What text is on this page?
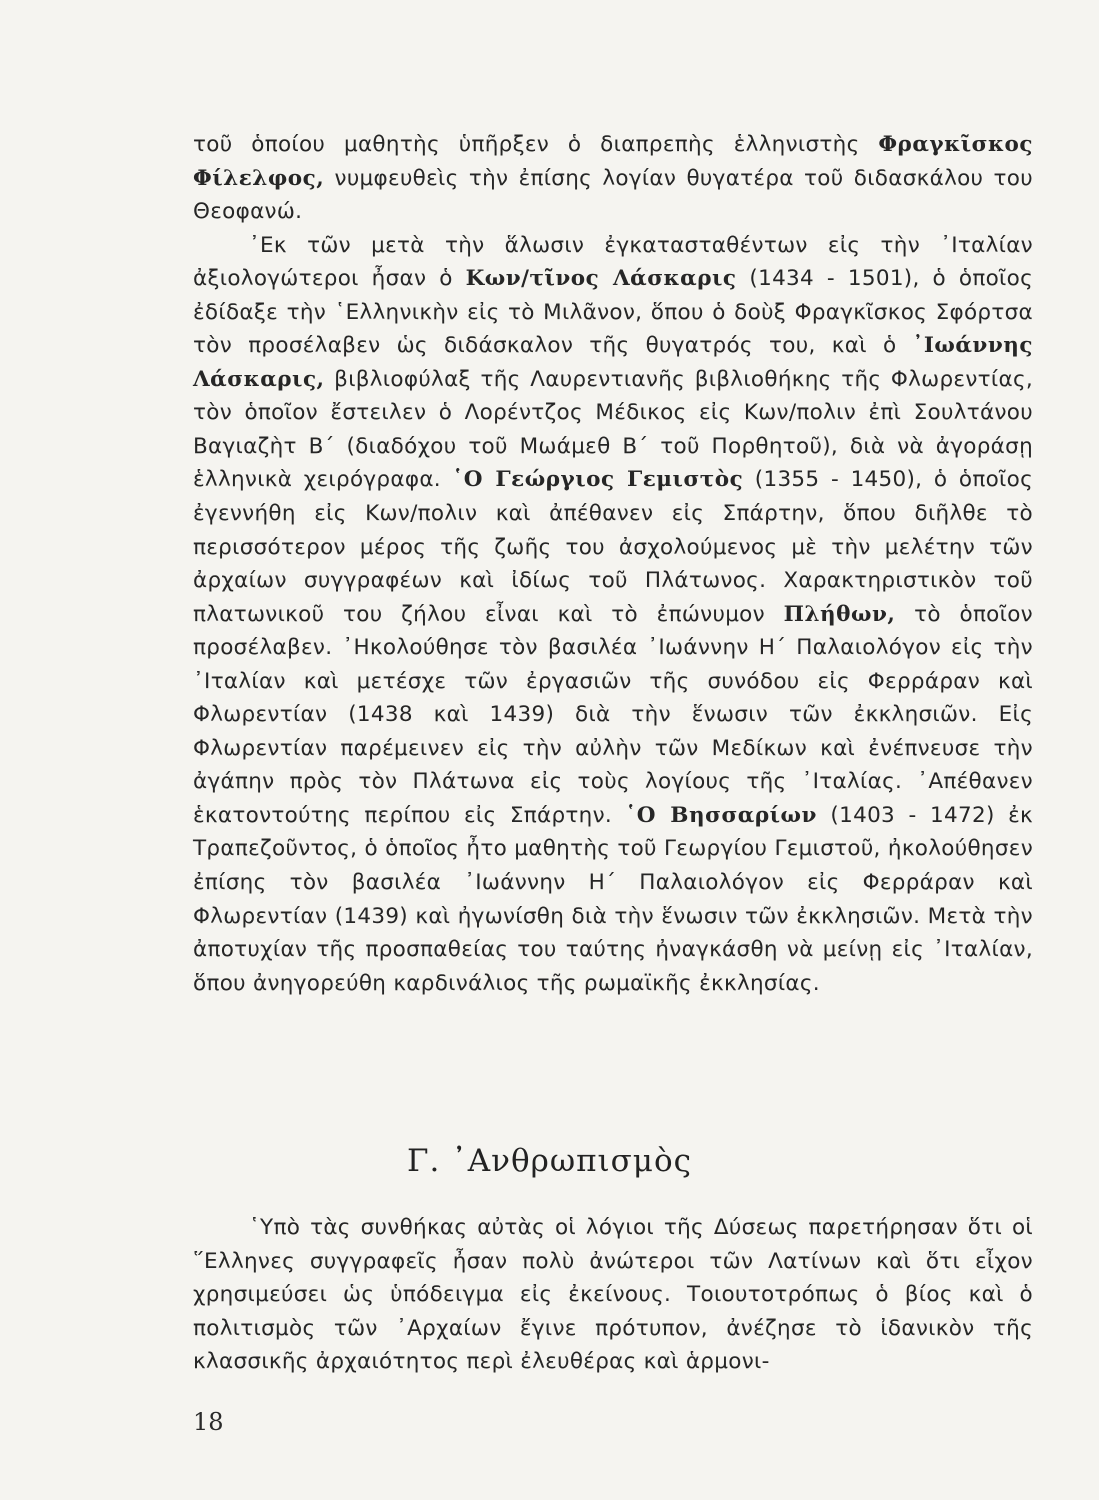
τοῦ ὁποίου μαθητὴς ὑπῆρξεν ὁ διαπρεπὴς ἑλληνιστὴς Φραγκῖσκος Φίλελφος, νυμφευθεὶς τὴν ἐπίσης λογίαν θυγατέρα τοῦ διδασκάλου του Θεοφανώ.

᾿Εκ τῶν μετὰ τὴν ἅλωσιν ἐγκατασταθέντων εἰς τὴν ᾿Ιταλίαν ἀξιολογώτεροι ἦσαν ὁ Κων/τῖνος Λάσκαρις (1434 - 1501), ὁ ὁποῖος ἐδίδαξε τὴν ῾Ελληνικὴν εἰς τὸ Μιλᾶνον, ὅπου ὁ δοὺξ Φραγκῖσκος Σφόρτσα τὸν προσέλαβεν ὡς διδάσκαλον τῆς θυγατρός του, καὶ ὁ ᾿Ιωάννης Λάσκαρις, βιβλιοφύλαξ τῆς Λαυρεντιανῆς βιβλιοθήκης τῆς Φλωρεντίας, τὸν ὁποῖον ἔστειλεν ὁ Λορέντζος Μέδικος εἰς Κων/πολιν ἐπὶ Σουλτάνου Βαγιαζὴτ Β΄ (διαδόχου τοῦ Μωάμεθ Β΄ τοῦ Πορθητοῦ), διὰ νὰ ἀγοράσῃ ἑλληνικὰ χειρόγραφα. ῾Ο Γεώργιος Γεμιστὸς (1355 - 1450), ὁ ὁποῖος ἐγεννήθη εἰς Κων/πολιν καὶ ἀπέθανεν εἰς Σπάρτην, ὅπου διῆλθε τὸ περισσότερον μέρος τῆς ζωῆς του ἀσχολούμενος μὲ τὴν μελέτην τῶν ἀρχαίων συγγραφέων καὶ ἰδίως τοῦ Πλάτωνος. Χαρακτηριστικὸν τοῦ πλατωνικοῦ του ζήλου εἶναι καὶ τὸ ἐπώνυμον Πλήθων, τὸ ὁποῖον προσέλαβεν. ᾿Ηκολούθησε τὸν βασιλέα ᾿Ιωάννην Η΄ Παλαιολόγον εἰς τὴν ᾿Ιταλίαν καὶ μετέσχε τῶν ἐργασιῶν τῆς συνόδου εἰς Φερράραν καὶ Φλωρεντίαν (1438 καὶ 1439) διὰ τὴν ἕνωσιν τῶν ἐκκλησιῶν. Εἰς Φλωρεντίαν παρέμεινεν εἰς τὴν αὐλὴν τῶν Μεδίκων καὶ ἐνέπνευσε τὴν ἀγάπην πρὸς τὸν Πλάτωνα εἰς τοὺς λογίους τῆς ᾿Ιταλίας. ᾿Απέθανεν ἑκατοντούτης περίπου εἰς Σπάρτην. ῾Ο Βησσαρίων (1403 - 1472) ἐκ Τραπεζοῦντος, ὁ ὁποῖος ἦτο μαθητὴς τοῦ Γεωργίου Γεμιστοῦ, ἠκολούθησεν ἐπίσης τὸν βασιλέα ᾿Ιωάννην Η΄ Παλαιολόγον εἰς Φερράραν καὶ Φλωρεντίαν (1439) καὶ ἠγωνίσθη διὰ τὴν ἕνωσιν τῶν ἐκκλησιῶν. Μετὰ τὴν ἀποτυχίαν τῆς προσπαθείας του ταύτης ἠναγκάσθη νὰ μείνῃ εἰς ᾿Ιταλίαν, ὅπου ἀνηγορεύθη καρδινάλιος τῆς ρωμαϊκῆς ἐκκλησίας.

Γ. ᾿Ανθρωπισμὸς

῾Υπὸ τὰς συνθήκας αὐτὰς οἱ λόγιοι τῆς Δύσεως παρετήρησαν ὅτι οἱ ῞Ελληνες συγγραφεῖς ἦσαν πολὺ ἀνώτεροι τῶν Λατίνων καὶ ὅτι εἶχον χρησιμεύσει ὡς ὑπόδειγμα εἰς ἐκείνους. Τοιουτοτρόπως ὁ βίος καὶ ὁ πολιτισμὸς τῶν ᾿Αρχαίων ἔγινε πρότυπον, ἀνέζησε τὸ ἰδανικὸν τῆς κλασσικῆς ἀρχαιότητος περὶ ἐλευθέρας καὶ ἁρμονι-

18
